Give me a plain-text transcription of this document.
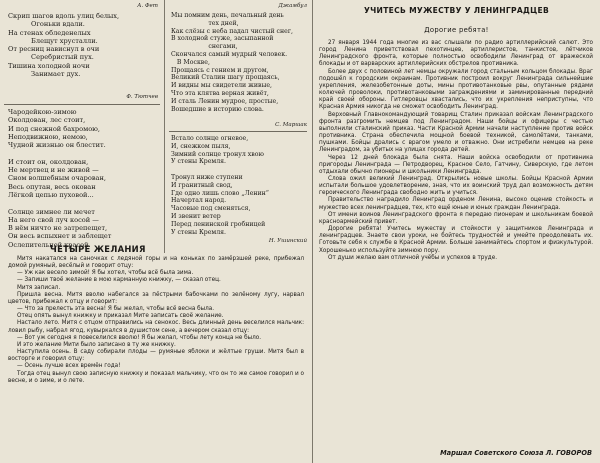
А. Фет
Скрип шагов вдоль улиц белых,
Огоньки вдали.
На стенах обледенелых
Блещут хрусталли.
От ресниц нависнул в очи
Серебристый пух.
Тишина холодной ночи
Занимает дух.
Ф. Тютчев
Чародейкою-зимою
Околдован, лес стоит,
И под снежной бахромою,
Неподвижною, немою,
Чудной жизнью он блестит.

И стоит он, околдован,
Не мертвец и не живой —
Сном волшебным очарован,
Весь опутан, весь окован
Лёгкой цепью пуховой...

Солнце зимнее ли мечет
На него свой луч косой —
В нём ничто не затрепещет,
Он весь вспыхнет и заблещет
Ослепительной красой.
Джамбул
Мы помним день, печальный день
тех дней,
Как слёзы с неба падал чистый снег,
В холодной стуже, засыпанной
снегами,
Скончался самый мудрый человек.
В Москве,
Прощаясь с гением и другом,
Великий Сталин шагу прощаясь,
И видны мы свидетели живые,
Что эта клятва верная живёт,
И сталь Ленин мудрое, простые,
Вошедшие в историю слова.
С. Маршак
Встало солнце огневое,
И, снежком пыля,
Зимний солнце тронул хвою
У стены Кремля.

Тронул ниже ступени
И гранитный свод,
Где одно лишь слово „Ленин“
Начертал народ.
Часовые под сменяться,
И звенит ветер
Перед ленинской гробницей
У стены Кремля.
Н. Ушинский
ЧЕТЫРЕ ЖЕЛАНИЯ

Митя накатался на саночках с ледяной горы и на коньках по замёрзшей реке, прибежал домой румяный, весёлый и говорит отцу:

— Уж как весело зимой! Я бы хотел, чтобы всё была зима.

— Запиши твоё желание в мою карманную книжку, — сказал отец.

Митя записал.

Пришла весна. Митя вволю набегался за пёстрыми бабочками по зелёному лугу, нарвал цветов, прибежал к отцу и говорит:

— Что за прелесть эта весна! Я бы желал, чтобы всё весна была.

Отец опять вынул книжку и приказал Мите записать своё желание.

Настало лето. Митя с отцом отправились на сенокос. Весь длинный день веселился мальчик: ловил рыбу, набрал ягод, кувыркался в душистом сене, а вечером сказал отцу:

— Вот уж сегодня я повеселился вволю! Я бы желал, чтобы лету конца не было.

И это желание Мити было записано в ту же книжку.

Наступила осень. В саду собирали плоды — румяные яблоки и жёлтые груши. Митя был в восторге и говорил отцу:

— Осень лучше всех времён года!

Тогда отец вынул свою записную книжку и показал мальчику, что он то же самое говорил и о весне, и о зиме, и о лете.

УЧИТЕСЬ МУЖЕСТВУ У ЛЕНИНГРАДЦЕВ
Дорогие ребята!

27 января 1944 года многие из вас слышали по радио артиллерийский салют. Это город Ленина приветствовал пехотинцев, артиллеристов, танкистов, лётчиков Ленинградского фронта, которые полностью освободили Ленинград от вражеской блокады и от варварских артиллерийских обстрелов противника.

Более двух с половиной лет немцы окружали город стальным кольцом блокады. Враг подошёл к городским окраинам. Противник построил вокруг Ленинграда сильнейшие укрепления, железобетонные доты, мины противотанковые рвы, опутанные рядами колючей проволоки, противотанковыми заграждениями и заминированные передний край своей обороны. Гитлеровцы хвастались, что их укрепления неприступны, что Красная Армия никогда не сможет освободить Ленинград.

Верховный Главнокомандующий товарищ Сталин приказал войскам Ленинградского фронта разгромить немцев под Ленинградом. Наши бойцы и офицеры с честью выполнили сталинский приказ. Части Красной Армии начали наступление против войск противника. Страна обеспечила мощной боевой техникой, самолётами, танками, пушками. Бойцы дрались с врагом умело и отважно. Они истребили немцев на реке Ленинградом, за убитых на улицах города детей.

Через 12 дней блокада была снята. Наши войска освободили от противника пригороды Ленинграда — Петродворец, Красное Село, Гатчину, Сиверскую, где летом отдыхали обычно пионеры и школьники Ленинграда.

Слова ожил великий Ленинград. Открылись новые школы. Бойцы Красной Армии испытали большое удовлетворение, зная, что их воинский труд дал возможность детям героического Ленинграда свободно жить и учиться.

Правительство наградило Ленинград орденом Ленина, высоко оценив стойкость и мужество всех ленинградцев, тех, кто ещё юные и юных граждан Ленинграда.

От имени воинов Ленинградского фронта я передаю пионерам и школьникам боевой красноармейский привет.

Дорогие ребята! Учитесь мужеству и стойкости у защитников Ленинграда и ленинградцев. Знаете свои уроки, не бойтесь трудностей и умейте преодолевать их. Готовьте себя к службе в Красной Армии. Больше занимайтесь спортом и физкультурой. Хорошенько используйте зимнюю пору.

От души желаю вам отличной учёбы и успехов в труде.

Маршал Советского Союза Л. ГОВОРОВ
